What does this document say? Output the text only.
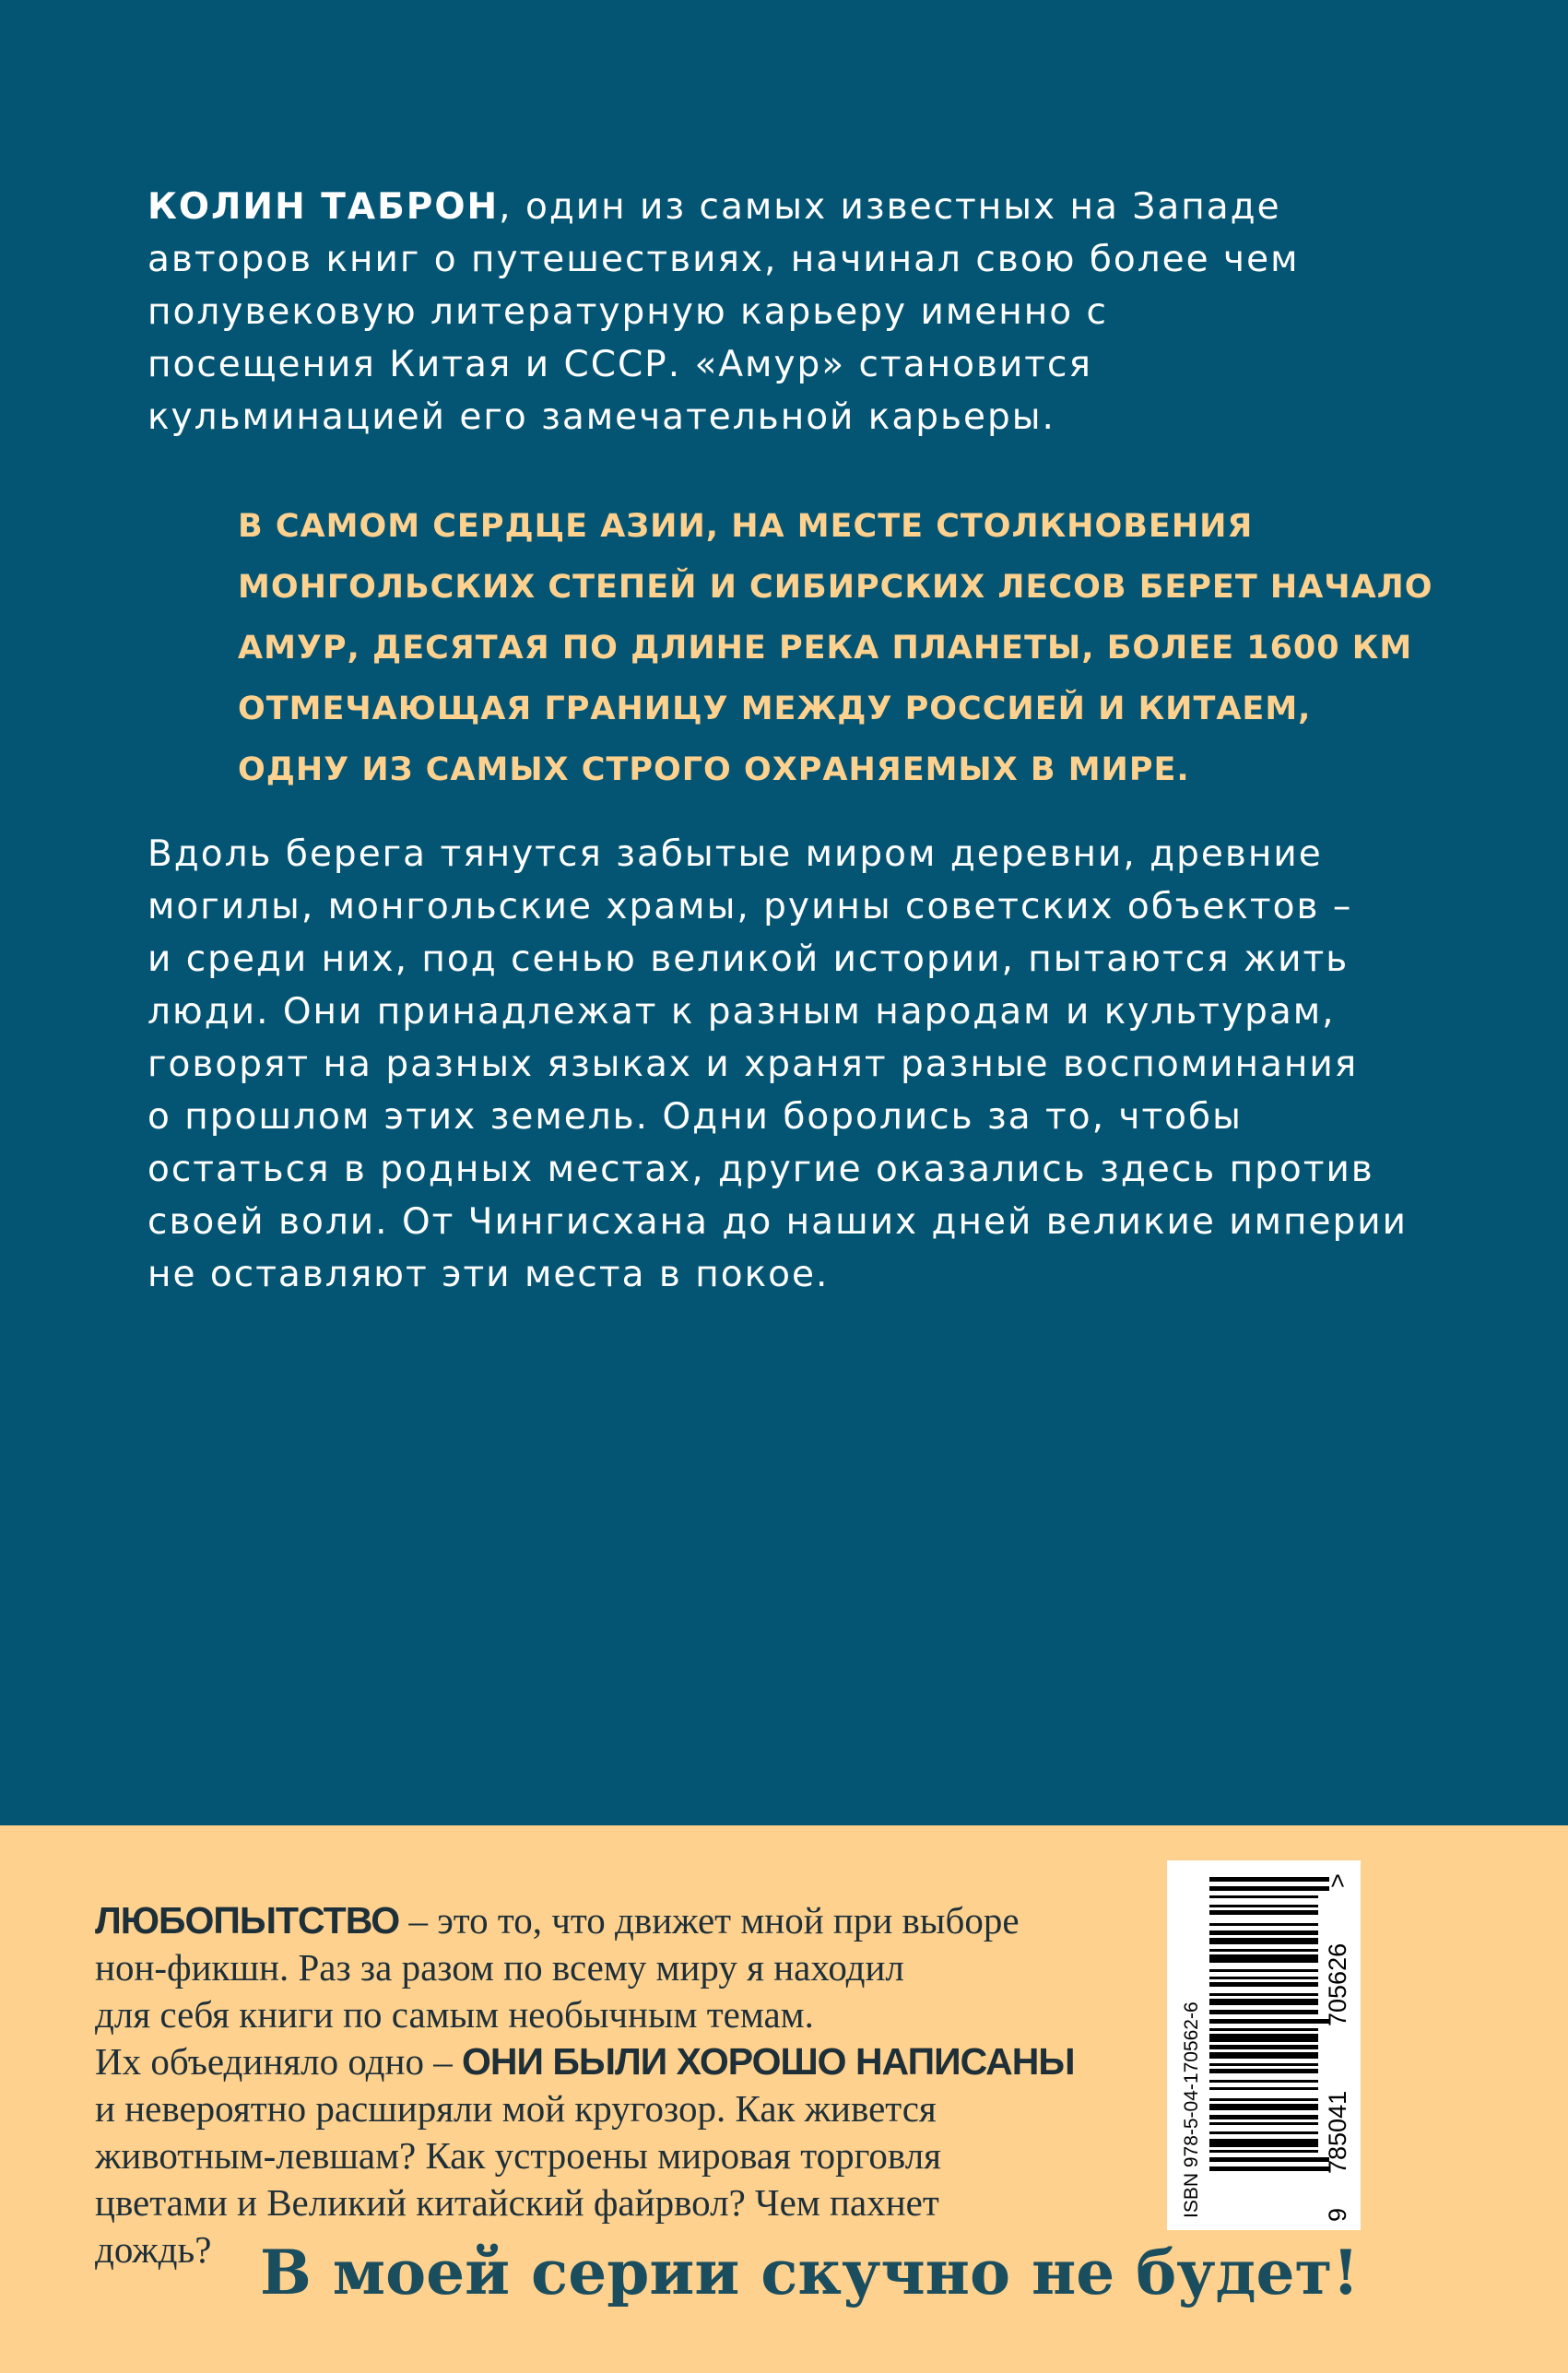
КОЛИН ТАБРОН, один из самых известных на Западе авторов книг о путешествиях, начинал свою более чем полувековую литературную карьеру именно с посещения Китая и СССР. «Амур» становится кульминацией его замечательной карьеры.

В САМОМ СЕРДЦЕ АЗИИ, НА МЕСТЕ СТОЛКНОВЕНИЯ
МОНГОЛЬСКИХ СТЕПЕЙ И СИБИРСКИХ ЛЕСОВ БЕРЕТ НАЧАЛО
АМУР, ДЕСЯТАЯ ПО ДЛИНЕ РЕКА ПЛАНЕТЫ, БОЛЕЕ 1600 КМ
ОТМЕЧАЮЩАЯ ГРАНИЦУ МЕЖДУ РОССИЕЙ И КИТАЕМ,
ОДНУ ИЗ САМЫХ СТРОГО ОХРАНЯЕМЫХ В МИРЕ.
Вдоль берега тянутся забытые миром деревни, древние
могилы, монгольские храмы, руины советских объектов –
и среди них, под сенью великой истории, пытаются жить
люди. Они принадлежат к разным народам и культурам,
говорят на разных языках и хранят разные воспоминания
о прошлом этих земель. Одни боролись за то, чтобы
остаться в родных местах, другие оказались здесь против
своей воли. От Чингисхана до наших дней великие империи
не оставляют эти места в покое.
ЛЮБОПЫТСТВО – это то, что движет мной при выборе
нон-фикшн. Раз за разом по всему миру я находил
для себя книги по самым необычным темам.
Их объединяло одно – ОНИ БЫЛИ ХОРОШО НАПИСАНЫ
и невероятно расширяли мой кругозор. Как живется
животным-левшам? Как устроены мировая торговля
цветами и Великий китайский файрвол? Чем пахнет
дождь? В моей серии скучно не будет!
ISBN 978-5-04-170562-6	9
785041
705626
>
